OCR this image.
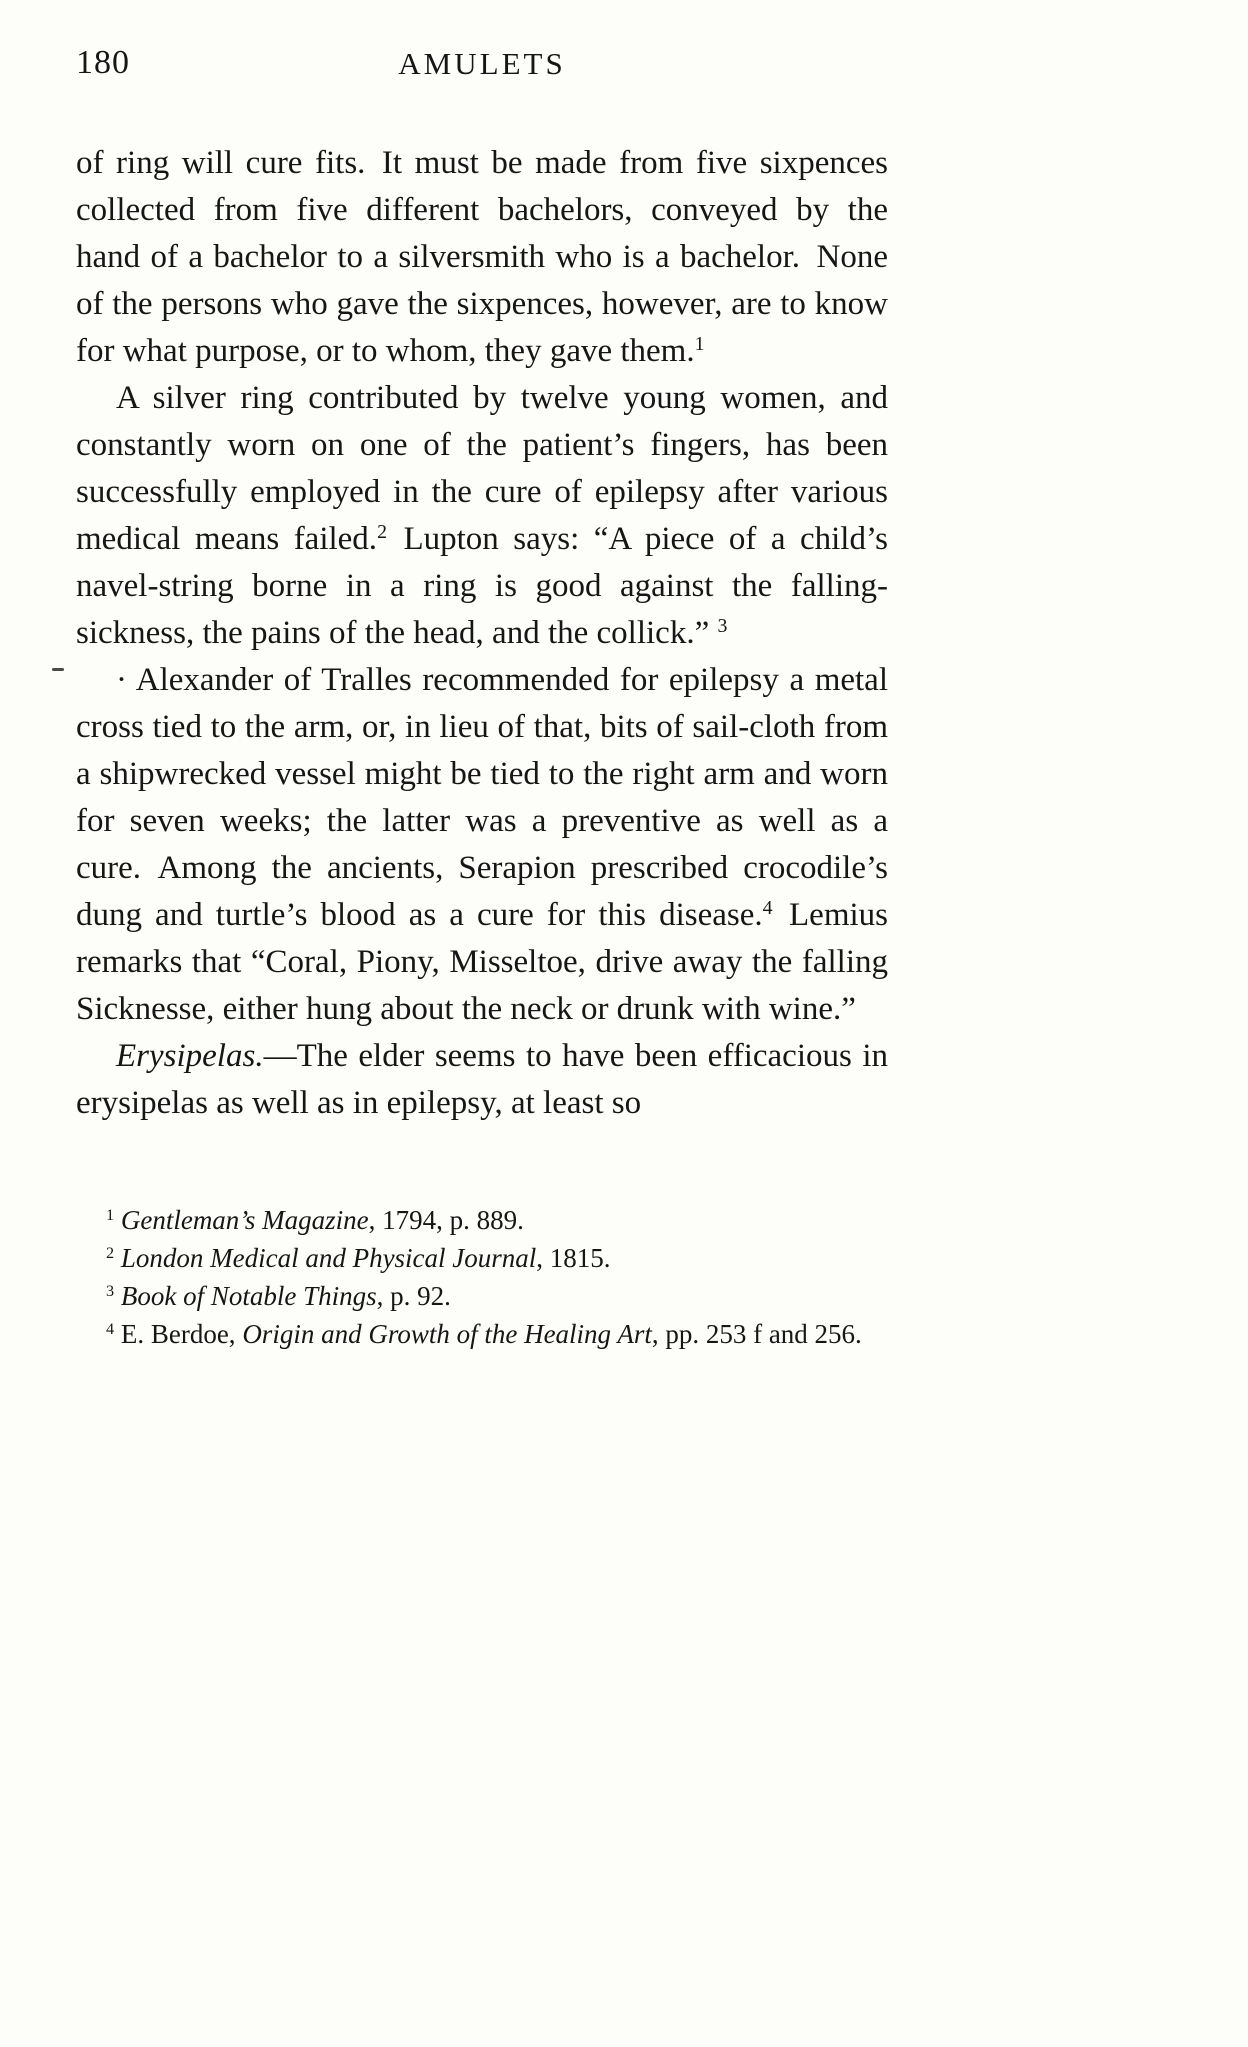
180	AMULETS

of ring will cure fits. It must be made from five sixpences collected from five different bachelors, conveyed by the hand of a bachelor to a silversmith who is a bachelor. None of the persons who gave the sixpences, however, are to know for what purpose, or to whom, they gave them.$^1$

A silver ring contributed by twelve young women, and constantly worn on one of the patient’s fingers, has been successfully employed in the cure of epilepsy after various medical means failed.$^2$ Lupton says: “A piece of a child’s navel-string borne in a ring is good against the falling-sickness, the pains of the head, and the collick.” $^3$

· Alexander of Tralles recommended for epilepsy a metal cross tied to the arm, or, in lieu of that, bits of sail-cloth from a shipwrecked vessel might be tied to the right arm and worn for seven weeks; the latter was a preventive as well as a cure. Among the ancients, Serapion prescribed crocodile’s dung and turtle’s blood as a cure for this disease.$^4$ Lemius remarks that “Coral, Piony, Misseltoe, drive away the falling Sicknesse, either hung about the neck or drunk with wine.”

Erysipelas.—The elder seems to have been efficacious in erysipelas as well as in epilepsy, at least so

$^1$ Gentleman’s Magazine, 1794, p. 889.

$^2$ London Medical and Physical Journal, 1815.

$^3$ Book of Notable Things, p. 92.

$^4$ E. Berdoe, Origin and Growth of the Healing Art, pp. 253 f and 256.
